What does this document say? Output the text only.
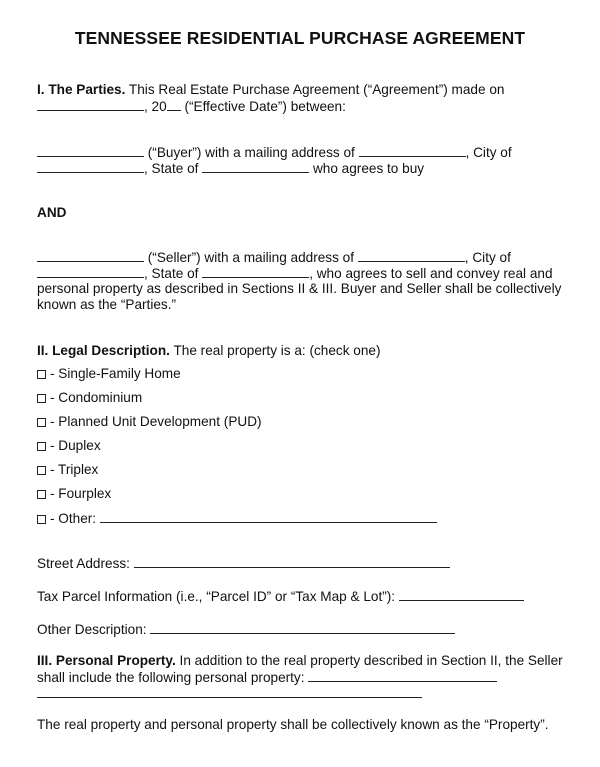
TENNESSEE RESIDENTIAL PURCHASE AGREEMENT
I. The Parties. This Real Estate Purchase Agreement (“Agreement”) made on
, 20 (“Effective Date”) between:
(“Buyer”) with a mailing address of	, City of
, State of	who agrees to buy
AND
(“Seller”) with a mailing address of	, City of
, State of	, who agrees to sell and convey real and
personal property as described in Sections II & III. Buyer and Seller shall be collectively
known as the “Parties.”
II. Legal Description. The real property is a: (check one)
- Single-Family Home
- Condominium
- Planned Unit Development (PUD)
- Duplex
- Triplex
- Fourplex
- Other:
Street Address:
Tax Parcel Information (i.e., “Parcel ID” or “Tax Map & Lot”):
Other Description:
III. Personal Property. In addition to the real property described in Section II, the Seller
shall include the following personal property:
The real property and personal property shall be collectively known as the “Property”.
